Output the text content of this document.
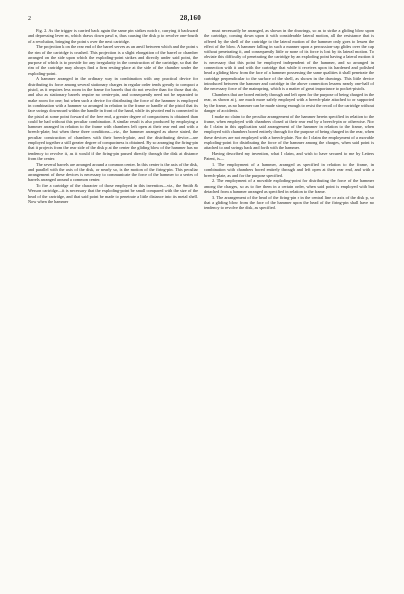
2	28,160

Fig. 2. As the trigger is carried back again the same pin strikes notch r, carrying it backward and depressing lever m, which draws down pawl n, thus causing the disk p to revolve one-fourth of a revolution, bringing the point s over the next cartridge.

The projection k on the rear end of the barrel serves as an anvil between which and the point s the rim of the cartridge is crushed. This projection is a slight elongation of the barrel or chamber arranged on the side upon which the exploding-point strikes and directly under said point, the purpose of which is to provide for any irregularity in the construction of the cartridge, so that the rim of the cartridge may always find a firm resting-place at the side of the chamber under the exploding-point.

A hammer arranged in the ordinary way in combination with any practical device for distributing its force among several stationary charges in regular order tends greatly to compact a pistol, as it requires less room in the frame for barrels that do not revolve than for those that do, and also as stationary barrels require no center-pin, and consequently need not be separated to make room for one; but when such a device for distributing the force of the hammer is employed in combination with a hammer so arranged in relation to the frame or handle of the pistol that its face swings downward within the handle in front of the hand, while its pivoted end is connected to the pistol at some point forward of the free end, a greater degree of compactness is obtained than could be had without this peculiar combination. A similar result is also produced by employing a hammer arranged in relation to the frame with chambers left open at their rear end and with a breech-plate; but when these three conditions—viz., the hammer arranged as above stated, the peculiar construction of chambers with their breech-plate, and the distributing device—are employed together a still greater degree of compactness is obtained. By so arranging the firing-pin that it projects from the rear side of the disk p at the center the gliding blow of the hammer has no tendency to revolve it, as it would if the firing-pin passed directly through the disk at distance from the center.

The several barrels are arranged around a common center. In this center is the axis of the disk, and parallel with the axis of the disk, or nearly so, is the motion of the firing-pin. This peculiar arrangement of these devices is necessary to communicate the force of the hammer to a series of barrels arranged around a common center.

To fire a cartridge of the character of those employed in this invention—viz., the Smith & Wesson cartridge—it is necessary that the exploding-point be small compared with the size of the head of the cartridge, and that said point be made to penetrate a little distance into its metal shell. Now when the hammer

must necessarily be arranged, as shown in the drawings, so as to strike a gliding blow upon the cartridge, coming down upon it with considerable lateral motion, all the resistance that is offered by the shell of the cartridge to the lateral motion of the hammer only goes to lessen the effect of the blow. A hammer falling in such a manner upon a percussion-cap glides over the cap without penetrating it, and consequently little or none of its force is lost by its lateral motion. To obviate this difficulty of penetrating the cartridge by an exploding point having a lateral motion it is necessary that this point be employed independent of the hammer, and so arranged in connection with it and with the cartridge that while it receives upon its hardened and polished head a gliding blow from the face of a hammer possessing the same qualities it shall penetrate the cartridge perpendicular to the surface of the shell, as shown in the drawings. This little device introduced between the hammer and cartridge in the above connection lessens nearly one-half of the necessary force of the mainspring, which is a matter of great importance to pocket-pistols.

Chambers that are bored entirely through and left open for the purpose of being charged in the rear, as shown at j, are much more safely employed with a breech-plate attached to or supported by the frame, as no hammer can be made strong enough to resist the recoil of the cartridge without danger of accidents.

I make no claim to the peculiar arrangement of the hammer herein specified in relation to the frame, when employed with chambers closed at their rear end by a breech-pin or otherwise. Nor do I claim in this application said arrangement of the hammer in relation to the frame, when employed with chambers bored entirely through for the purpose of being charged in the rear, when these devices are not employed with a breech-plate. Nor do I claim the employment of a movable exploding-point for distributing the force of the hammer among the charges, when said point is attached to and swings back and forth with the hammer.

Having described my invention, what I claim, and wish to have secured to me by Letters Patent, is—

1. The employment of a hammer, arranged as specified in relation to the frame, in combination with chambers bored entirely through and left open at their rear end, and with a breech-plate, as and for the purpose specified.

2. The employment of a movable exploding-point for distributing the force of the hammer among the charges, so as to fire them in a certain order, when said point is employed with but detached from a hammer arranged as specified in relation to the frame.

3. The arrangement of the head of the firing-pin r in the central line or axis of the disk p, so that a gliding blow from the face of the hammer upon the head of the firing-pin shall have no tendency to revolve the disk, as specified.
